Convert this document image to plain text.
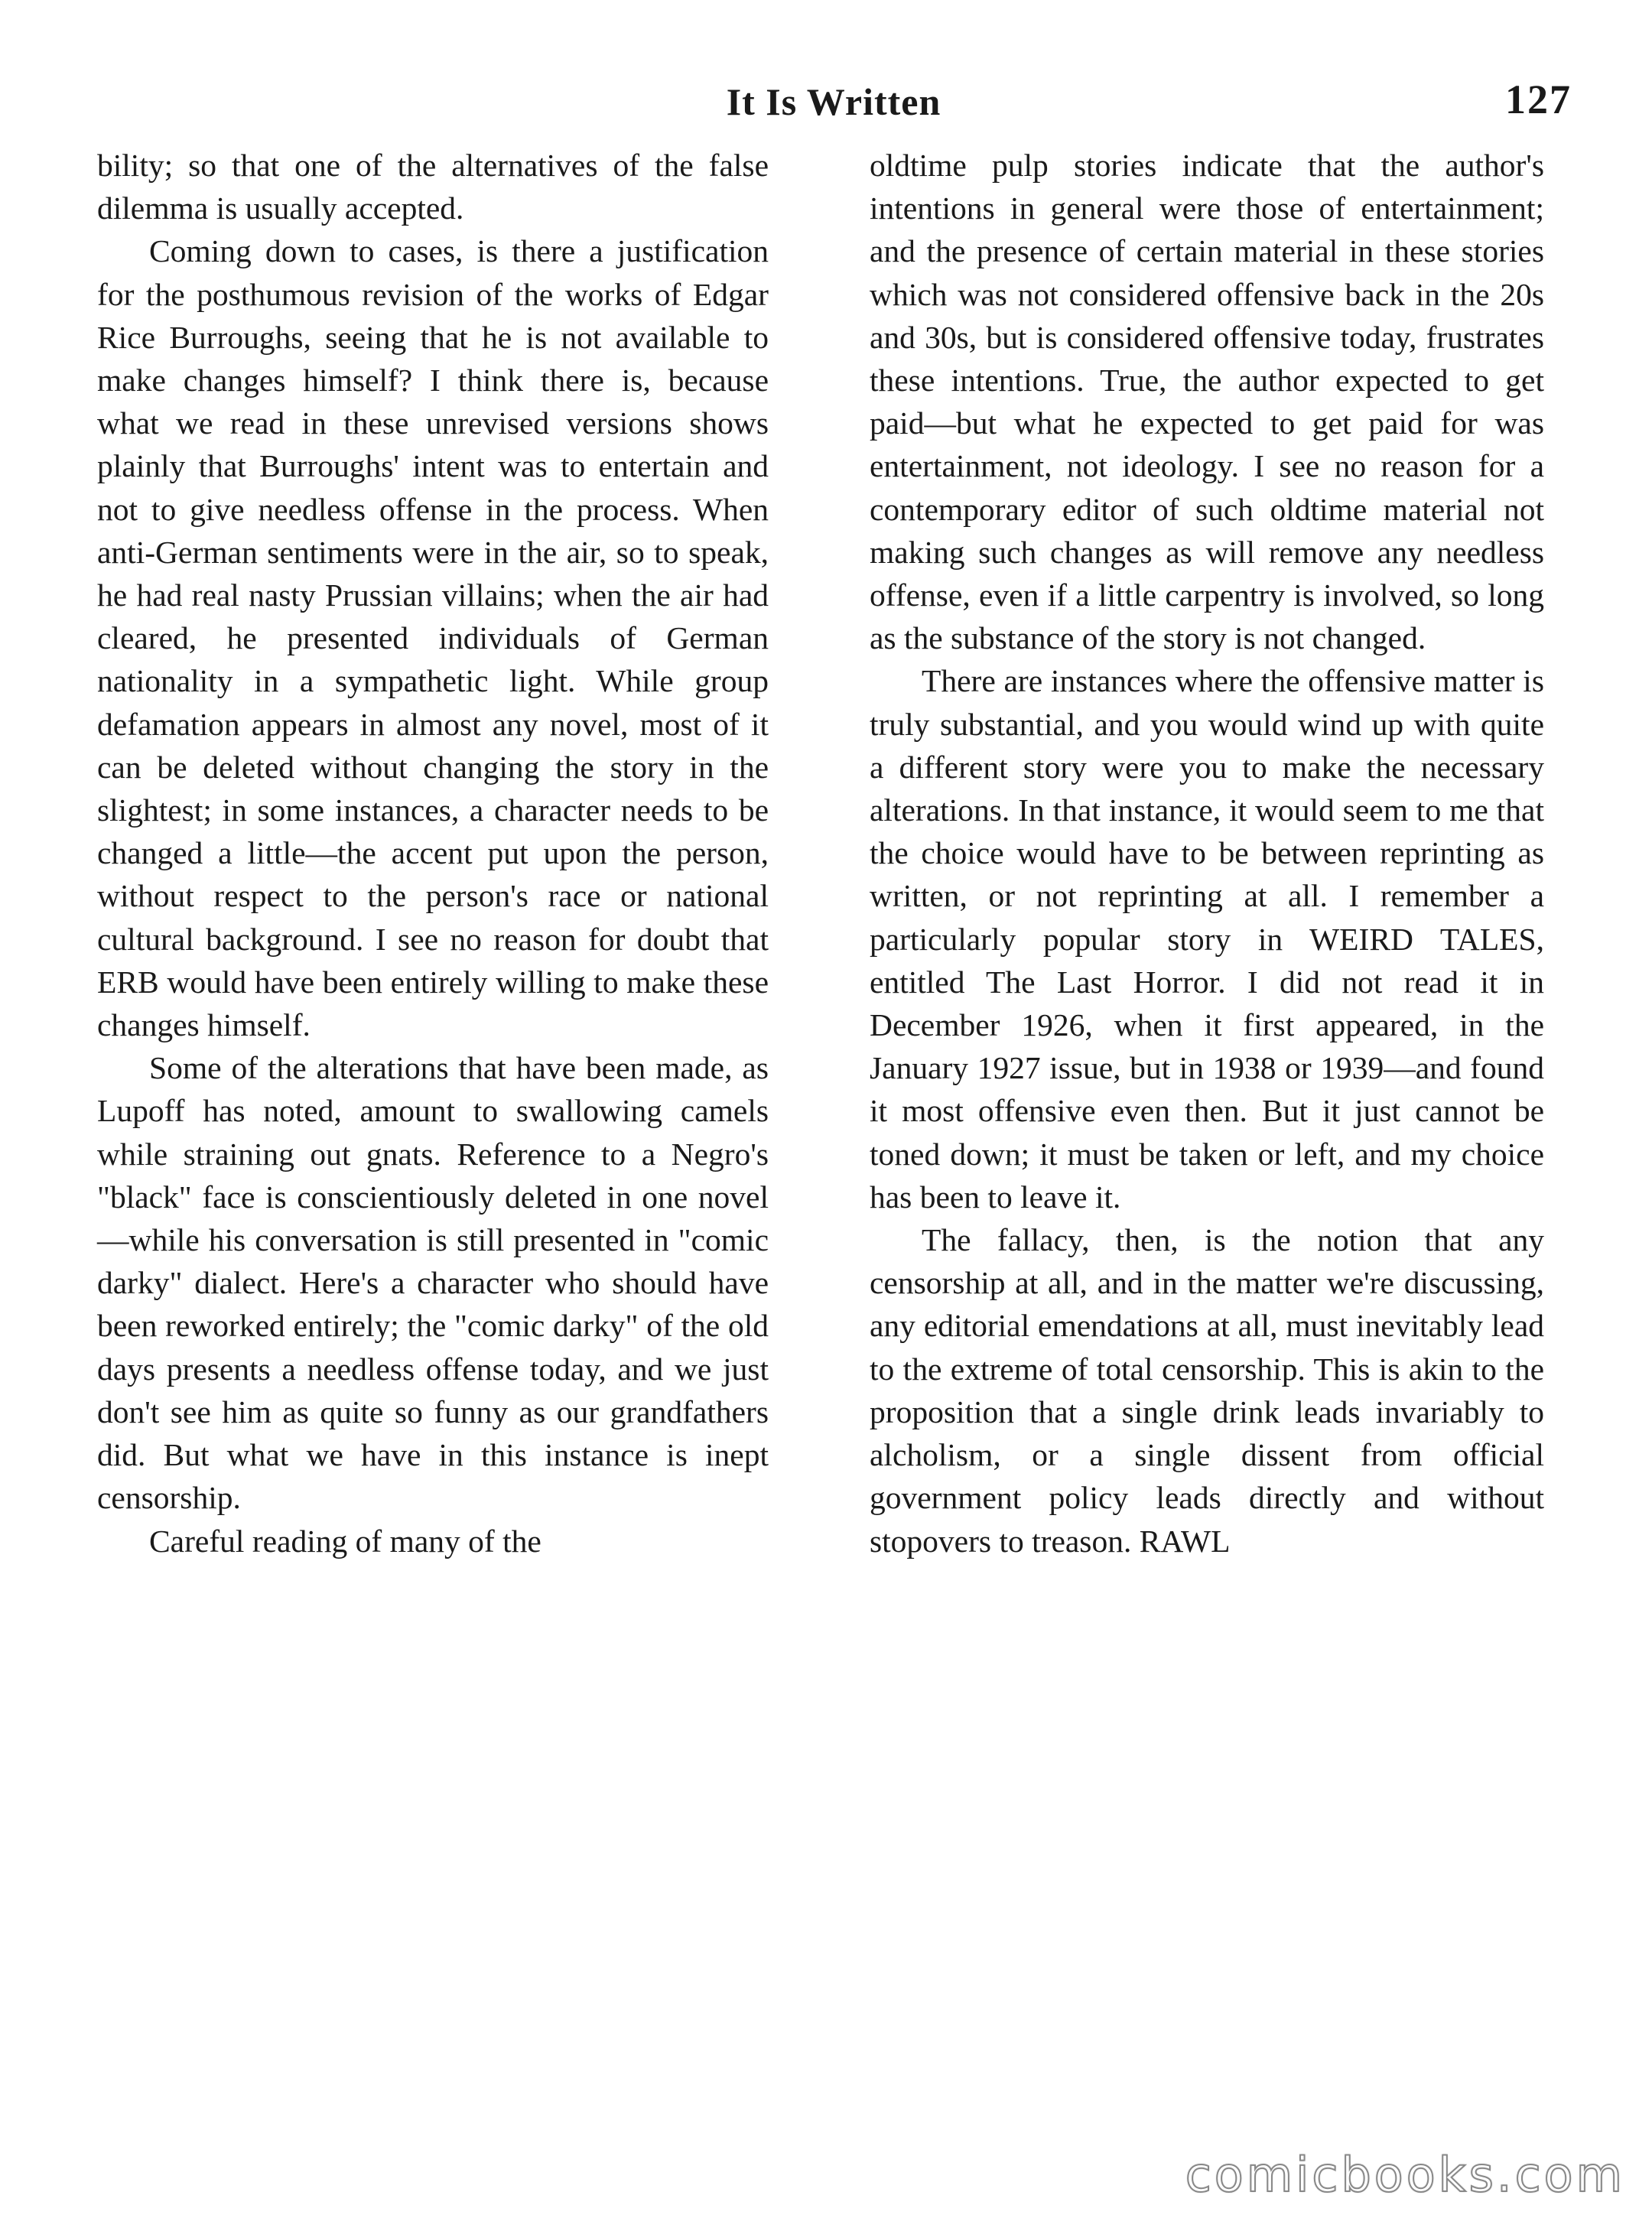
It Is Written	127

bility; so that one of the alternatives of the false dilemma is usually accepted.

Coming down to cases, is there a justification for the posthumous revision of the works of Edgar Rice Burroughs, seeing that he is not available to make changes himself? I think there is, because what we read in these unrevised versions shows plainly that Burroughs' intent was to entertain and not to give needless offense in the process. When anti-German sentiments were in the air, so to speak, he had real nasty Prussian villains; when the air had cleared, he presented individuals of German nationality in a sympathetic light. While group defamation appears in almost any novel, most of it can be deleted without changing the story in the slightest; in some instances, a character needs to be changed a little—the accent put upon the person, without respect to the person's race or national cultural background. I see no reason for doubt that ERB would have been entirely willing to make these changes himself.

Some of the alterations that have been made, as Lupoff has noted, amount to swallowing camels while straining out gnats. Reference to a Negro's "black" face is conscientiously deleted in one novel—while his conversation is still presented in "comic darky" dialect. Here's a character who should have been reworked entirely; the "comic darky" of the old days presents a needless offense today, and we just don't see him as quite so funny as our grandfathers did. But what we have in this instance is inept censorship.

Careful reading of many of the

oldtime pulp stories indicate that the author's intentions in general were those of entertainment; and the presence of certain material in these stories which was not considered offensive back in the 20s and 30s, but is considered offensive today, frustrates these intentions. True, the author expected to get paid—but what he expected to get paid for was entertainment, not ideology. I see no reason for a contemporary editor of such oldtime material not making such changes as will remove any needless offense, even if a little carpentry is involved, so long as the substance of the story is not changed.

There are instances where the offensive matter is truly substantial, and you would wind up with quite a different story were you to make the necessary alterations. In that instance, it would seem to me that the choice would have to be between reprinting as written, or not reprinting at all. I remember a particularly popular story in WEIRD TALES, entitled The Last Horror. I did not read it in December 1926, when it first appeared, in the January 1927 issue, but in 1938 or 1939—and found it most offensive even then. But it just cannot be toned down; it must be taken or left, and my choice has been to leave it.

The fallacy, then, is the notion that any censorship at all, and in the matter we're discussing, any editorial emendations at all, must inevitably lead to the extreme of total censorship. This is akin to the proposition that a single drink leads invariably to alcholism, or a single dissent from official government policy leads directly and without stopovers to treason. RAWL

comicbooks.com
